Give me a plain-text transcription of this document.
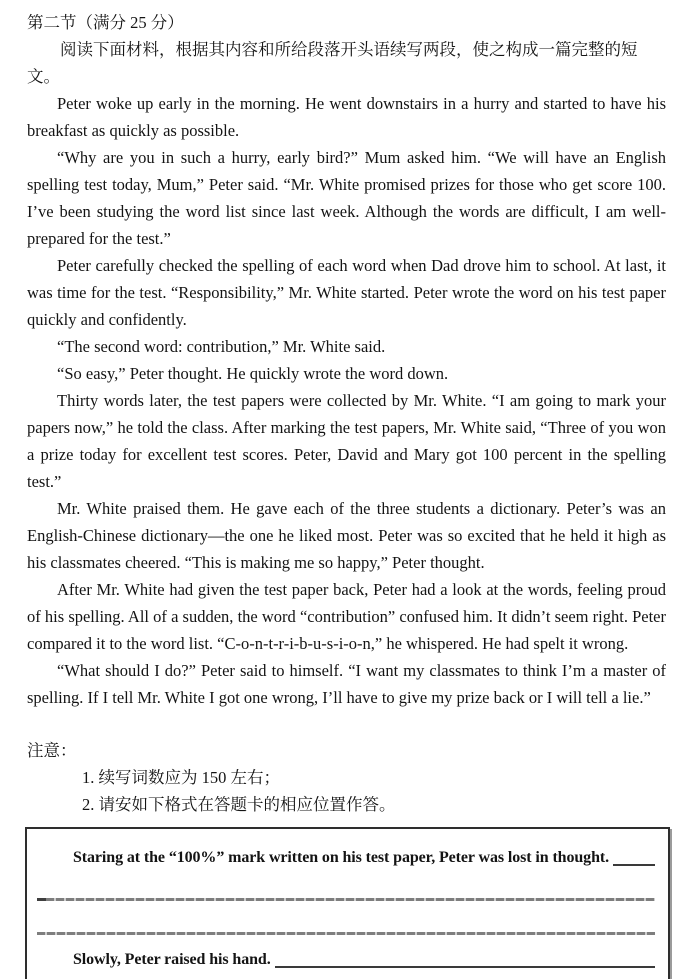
第二节（满分 25 分）

阅读下面材料，根据其内容和所给段落开头语续写两段，使之构成一篇完整的短文。

Peter woke up early in the morning. He went downstairs in a hurry and started to have his breakfast as quickly as possible.

“Why are you in such a hurry, early bird?” Mum asked him. “We will have an English spelling test today, Mum,” Peter said. “Mr. White promised prizes for those who get score 100. I’ve been studying the word list since last week. Although the words are difficult, I am well-prepared for the test.”

Peter carefully checked the spelling of each word when Dad drove him to school. At last, it was time for the test. “Responsibility,” Mr. White started. Peter wrote the word on his test paper quickly and confidently.

“The second word: contribution,” Mr. White said.

“So easy,” Peter thought. He quickly wrote the word down.

Thirty words later, the test papers were collected by Mr. White. “I am going to mark your papers now,” he told the class. After marking the test papers, Mr. White said, “Three of you won a prize today for excellent test scores. Peter, David and Mary got 100 percent in the spelling test.”

Mr. White praised them. He gave each of the three students a dictionary. Peter’s was an English-Chinese dictionary—the one he liked most. Peter was so excited that he held it high as his classmates cheered. “This is making me so happy,” Peter thought.

After Mr. White had given the test paper back, Peter had a look at the words, feeling proud of his spelling. All of a sudden, the word “contribution” confused him. It didn’t seem right. Peter compared it to the word list. “C-o-n-t-r-i-b-u-s-i-o-n,” he whispered. He had spelt it wrong.

“What should I do?” Peter said to himself. “I want my classmates to think I’m a master of spelling. If I tell Mr. White I got one wrong, I’ll have to give my prize back or I will tell a lie.”

注意：

1. 续写词数应为 150 左右；

2. 请安如下格式在答题卡的相应位置作答。

Staring at the “100%” mark written on his test paper, Peter was lost in thought.
Slowly, Peter raised his hand.
